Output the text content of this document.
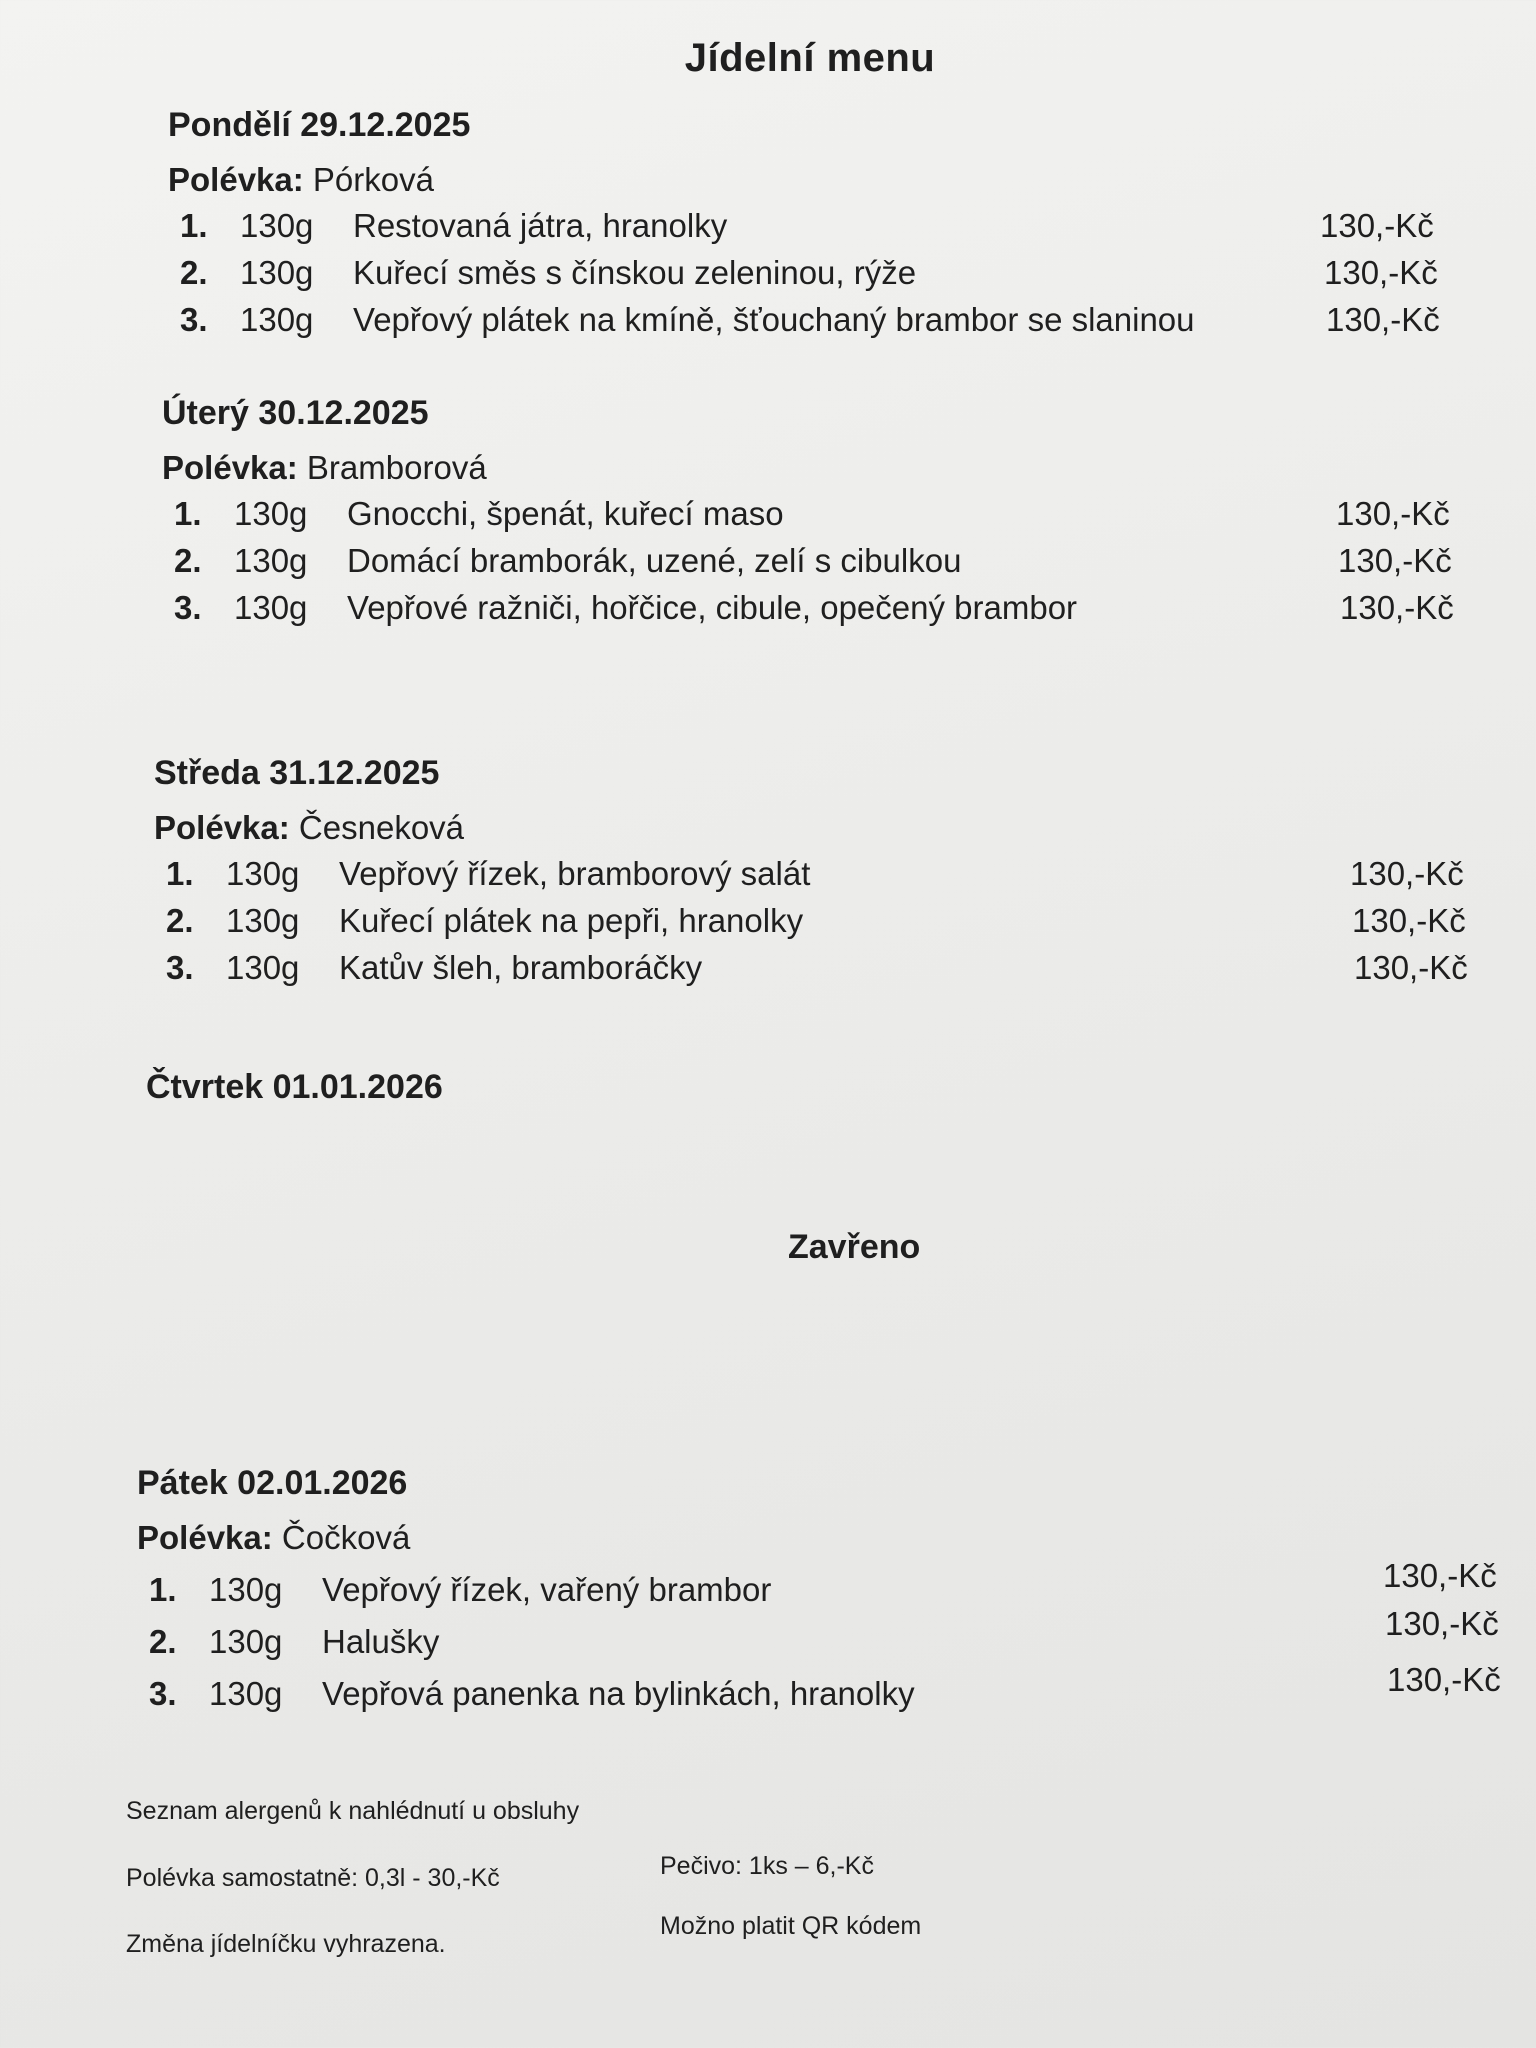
Jídelní menu
Pondělí 29.12.2025
Polévka: Pórková
1. 130g Restovaná játra, hranolky	130,-Kč
2. 130g Kuřecí směs s čínskou zeleninou, rýže	130,-Kč
3. 130g Vepřový plátek na kmíně, šťouchaný brambor se slaninou	130,-Kč
Úterý 30.12.2025
Polévka: Bramborová
1. 130g Gnocchi, špenát, kuřecí maso	130,-Kč
2. 130g Domácí bramborák, uzené, zelí s cibulkou	130,-Kč
3. 130g Vepřové ražniči, hořčice, cibule, opečený brambor	130,-Kč
Středa 31.12.2025
Polévka: Česneková
1. 130g Vepřový řízek, bramborový salát	130,-Kč
2. 130g Kuřecí plátek na pepři, hranolky	130,-Kč
3. 130g Katův šleh, bramboráčky	130,-Kč
Čtvrtek 01.01.2026
Zavřeno
Pátek 02.01.2026
Polévka: Čočková
1. 130g Vepřový řízek, vařený brambor	130,-Kč
2. 130g Halušky	130,-Kč
3. 130g Vepřová panenka na bylinkách, hranolky	130,-Kč
Seznam alergenů k nahlédnutí u obsluhy
Polévka samostatně: 0,3l - 30,-Kč	Pečivo: 1ks – 6,-Kč
Změna jídelníčku vyhrazena.
Možno platit QR kódem
